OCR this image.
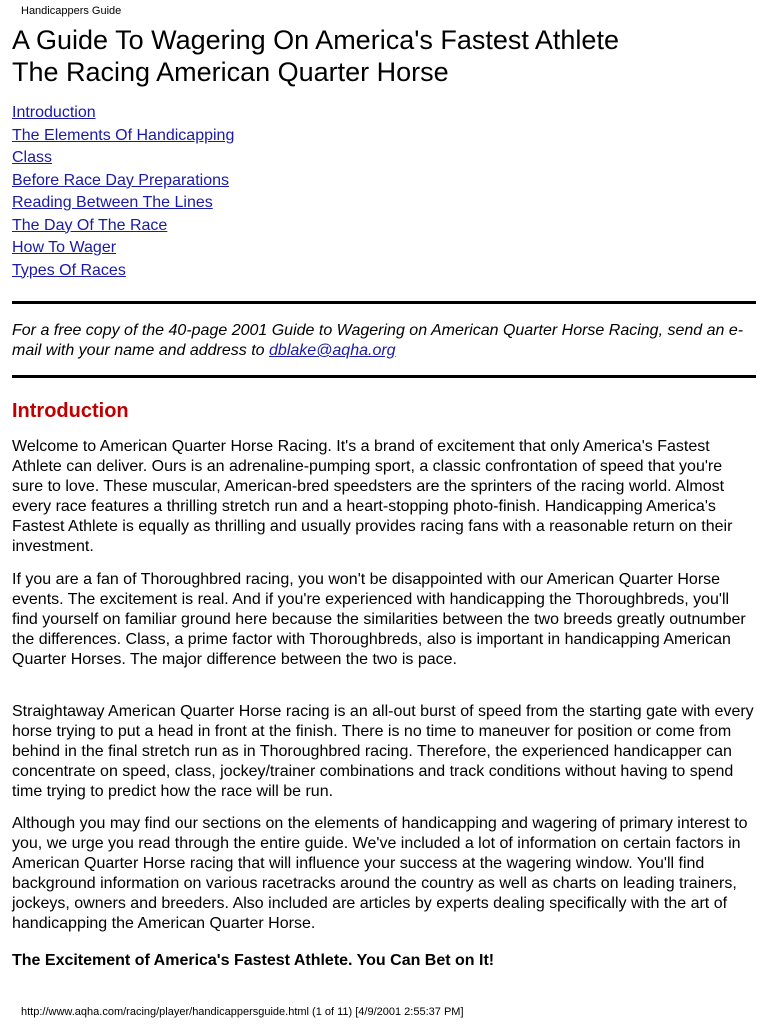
Handicappers Guide
A Guide To Wagering On America's Fastest Athlete
The Racing American Quarter Horse
Introduction
The Elements Of Handicapping
Class
Before Race Day Preparations
Reading Between The Lines
The Day Of The Race
How To Wager
Types Of Races

For a free copy of the 40-page 2001 Guide to Wagering on American Quarter Horse Racing, send an e-mail with your name and address to dblake@aqha.org

Introduction

Welcome to American Quarter Horse Racing. It's a brand of excitement that only America's Fastest Athlete can deliver. Ours is an adrenaline-pumping sport, a classic confrontation of speed that you're sure to love. These muscular, American-bred speedsters are the sprinters of the racing world. Almost every race features a thrilling stretch run and a heart-stopping photo-finish. Handicapping America's Fastest Athlete is equally as thrilling and usually provides racing fans with a reasonable return on their investment.

If you are a fan of Thoroughbred racing, you won't be disappointed with our American Quarter Horse events. The excitement is real. And if you're experienced with handicapping the Thoroughbreds, you'll find yourself on familiar ground here because the similarities between the two breeds greatly outnumber the differences. Class, a prime factor with Thoroughbreds, also is important in handicapping American Quarter Horses. The major difference between the two is pace.

Straightaway American Quarter Horse racing is an all-out burst of speed from the starting gate with every horse trying to put a head in front at the finish. There is no time to maneuver for position or come from behind in the final stretch run as in Thoroughbred racing. Therefore, the experienced handicapper can concentrate on speed, class, jockey/trainer combinations and track conditions without having to spend time trying to predict how the race will be run.

Although you may find our sections on the elements of handicapping and wagering of primary interest to you, we urge you read through the entire guide. We've included a lot of information on certain factors in American Quarter Horse racing that will influence your success at the wagering window. You'll find background information on various racetracks around the country as well as charts on leading trainers, jockeys, owners and breeders. Also included are articles by experts dealing specifically with the art of handicapping the American Quarter Horse.

The Excitement of America's Fastest Athlete. You Can Bet on It!

http://www.aqha.com/racing/player/handicappersguide.html (1 of 11) [4/9/2001 2:55:37 PM]
